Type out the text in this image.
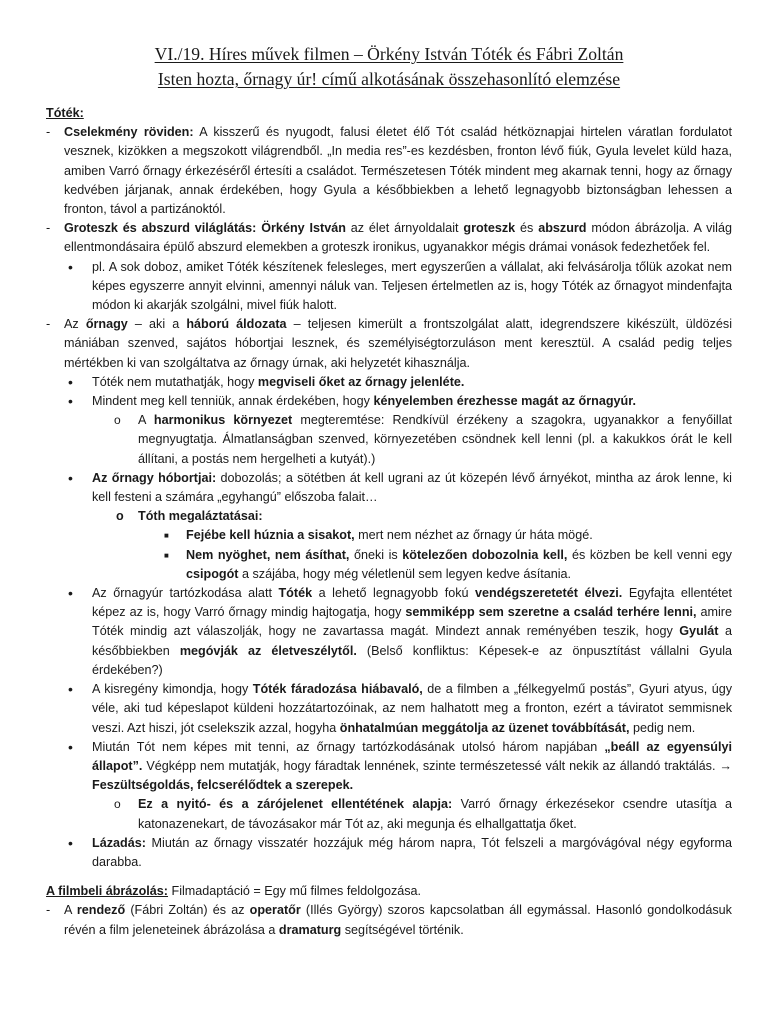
VI./19. Híres művek filmen – Örkény István Tóték és Fábri Zoltán
Isten hozta, őrnagy úr! című alkotásának összehasonlító elemzése
Tóték:

- Cselekmény röviden: A kisszerű és nyugodt, falusi életet élő Tót család hétköznapjai hirtelen váratlan fordulatot vesznek, kizökken a megszokott világrendből. „In media res”-es kezdésben, fronton lévő fiúk, Gyula levelet küld haza, amiben Varró őrnagy érkezéséről értesíti a családot. Természetesen Tóték mindent meg akarnak tenni, hogy az őrnagy kedvében járjanak, annak érdekében, hogy Gyula a későbbiekben a lehető legnagyobb biztonságban lehessen a fronton, távol a partizánoktól.

- Groteszk és abszurd világlátás: Örkény István az élet árnyoldalait groteszk és abszurd módon ábrázolja. A világ ellentmondásaira épülő abszurd elemekben a groteszk ironikus, ugyanakkor mégis drámai vonások fedezhetőek fel.

• pl. A sok doboz, amiket Tóték készítenek felesleges, mert egyszerűen a vállalat, aki felvásárolja tőlük azokat nem képes egyszerre annyit elvinni, amennyi náluk van. Teljesen értelmetlen az is, hogy Tóték az őrnagyot mindenfajta módon ki akarják szolgálni, mivel fiúk halott.

- Az őrnagy – aki a háború áldozata – teljesen kimerült a frontszolgálat alatt, idegrendszere kikészült, üldözési mániában szenved, sajátos hóbortjai lesznek, és személyiségtorzuláson ment keresztül. A család pedig teljes mértékben ki van szolgáltatva az őrnagy úrnak, aki helyzetét kihasználja.

• Tóték nem mutathatják, hogy megviseli őket az őrnagy jelenléte.

• Mindent meg kell tenniük, annak érdekében, hogy kényelemben érezhesse magát az őrnagyúr.

o A harmonikus környezet megteremtése: Rendkívül érzékeny a szagokra, ugyanakkor a fenyőillat megnyugtatja. Álmatlanságban szenved, környezetében csöndnek kell lenni (pl. a kakukkos órát le kell állítani, a postás nem hergelheti a kutyát).)

• Az őrnagy hóbortjai: dobozolás; a sötétben át kell ugrani az út közepén lévő árnyékot, mintha az árok lenne, ki kell festeni a számára „egyhangú” előszoba falait…

o Tóth megaláztatásai:

■ Fejébe kell húznia a sisakot, mert nem nézhet az őrnagy úr háta mögé.

■ Nem nyöghet, nem ásíthat, őneki is kötelezően dobozolnia kell, és közben be kell venni egy csipogót a szájába, hogy még véletlenül sem legyen kedve ásítania.

• Az őrnagyúr tartózkodása alatt Tóték a lehető legnagyobb fokú vendégszeretetét élvezi. Egyfajta ellentétet képez az is, hogy Varró őrnagy mindig hajtogatja, hogy semmiképp sem szeretne a család terhére lenni, amire Tóték mindig azt válaszolják, hogy ne zavartassa magát. Mindezt annak reményében teszik, hogy Gyulát a későbbiekben megóvják az életveszélytől. (Belső konfliktus: Képesek-e az önpusztítást vállalni Gyula érdekében?)

• A kisregény kimondja, hogy Tóték fáradozása hiábavaló, de a filmben a „félkegyelmű postás”, Gyuri atyus, úgy véle, aki tud képeslapot küldeni hozzátartozóinak, az nem halhatott meg a fronton, ezért a táviratot semmisnek veszi. Azt hiszi, jót cselekszik azzal, hogyha önhatalmúan meggátolja az üzenet továbbítását, pedig nem.

• Miután Tót nem képes mit tenni, az őrnagy tartózkodásának utolsó három napjában „beáll az egyensúlyi állapot”. Végképp nem mutatják, hogy fáradtak lennének, szinte természetessé vált nekik az állandó traktálás. → Feszültségoldás, felcserélődtek a szerepek.

o Ez a nyitó- és a zárójelenet ellentétének alapja: Varró őrnagy érkezésekor csendre utasítja a katonazenekart, de távozásakor már Tót az, aki megunja és elhallgattatja őket.

• Lázadás: Miután az őrnagy visszatér hozzájuk még három napra, Tót felszeli a margóvágóval négy egyforma darabba.

A filmbeli ábrázolás: Filmadaptáció = Egy mű filmes feldolgozása.

- A rendező (Fábri Zoltán) és az operatőr (Illés György) szoros kapcsolatban áll egymással. Hasonló gondolkodásuk révén a film jeleneteinek ábrázolása a dramaturg segítségével történik.
